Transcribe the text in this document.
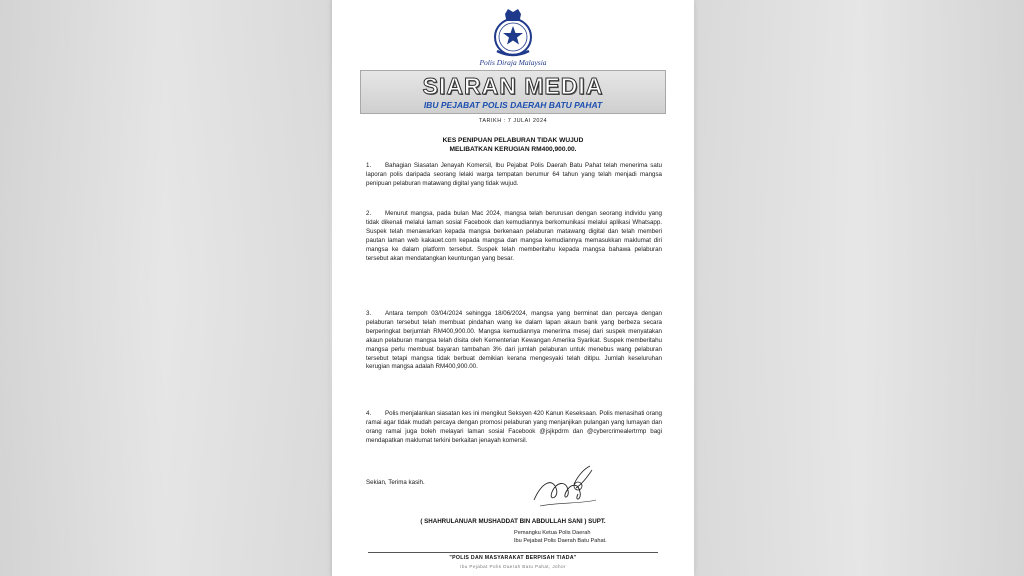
Polis Diraja Malaysia
SIARAN MEDIA
IBU PEJABAT POLIS DAERAH BATU PAHAT
TARIKH : 7 JULAI 2024
KES PENIPUAN PELABURAN TIDAK WUJUD
MELIBATKAN KERUGIAN RM400,900.00.
1. Bahagian Siasatan Jenayah Komersil, Ibu Pejabat Polis Daerah Batu Pahat telah menerima satu laporan polis daripada seorang lelaki warga tempatan berumur 64 tahun yang telah menjadi mangsa penipuan pelaburan matawang digital yang tidak wujud.
2. Menurut mangsa, pada bulan Mac 2024, mangsa telah berurusan dengan seorang individu yang tidak dikenali melalui laman sosial Facebook dan kemudiannya berkomunikasi melalui aplikasi Whatsapp. Suspek telah menawarkan kepada mangsa berkenaan pelaburan matawang digital dan telah memberi pautan laman web kakauet.com kepada mangsa dan mangsa kemudiannya memasukkan maklumat diri mangsa ke dalam platform tersebut. Suspek telah memberitahu kepada mangsa bahawa pelaburan tersebut akan mendatangkan keuntungan yang besar.
3. Antara tempoh 03/04/2024 sehingga 18/06/2024, mangsa yang berminat dan percaya dengan pelaburan tersebut telah membuat pindahan wang ke dalam lapan akaun bank yang berbeza secara berperingkat berjumlah RM400,900.00. Mangsa kemudiannya menerima mesej dari suspek menyatakan akaun pelaburan mangsa telah disita oleh Kementerian Kewangan Amerika Syarikat. Suspek memberitahu mangsa perlu membuat bayaran tambahan 3% dari jumlah pelaburan untuk menebus wang pelaburan tersebut tetapi mangsa tidak berbuat demikian kerana mengesyaki telah ditipu. Jumlah keseluruhan kerugian mangsa adalah RM400,900.00.
4. Polis menjalankan siasatan kes ini mengikut Seksyen 420 Kanun Keseksaan. Polis menasihati orang ramai agar tidak mudah percaya dengan promosi pelaburan yang menjanjikan pulangan yang lumayan dan orang ramai juga boleh melayari laman sosial Facebook @jsjkpdrm dan @cybercrimealertrmp bagi mendapatkan maklumat terkini berkaitan jenayah komersil.
Sekian, Terima kasih.
( SHAHRULANUAR MUSHADDAT BIN ABDULLAH SANI ) SUPT.
Pemangku Ketua Polis Daerah
Ibu Pejabat Polis Daerah Batu Pahat.
"POLIS DAN MASYARAKAT BERPISAH TIADA"
Ibu Pejabat Polis Daerah Batu Pahat, Johor
